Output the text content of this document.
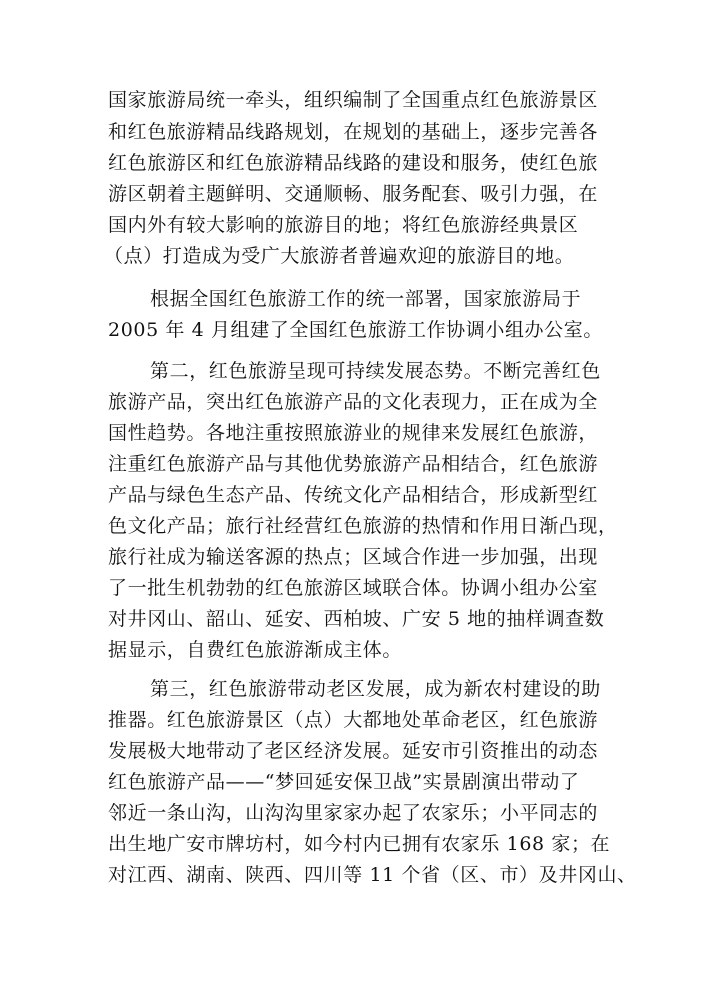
国家旅游局统一牵头，组织编制了全国重点红色旅游景区
和红色旅游精品线路规划，在规划的基础上，逐步完善各
红色旅游区和红色旅游精品线路的建设和服务，使红色旅
游区朝着主题鲜明、交通顺畅、服务配套、吸引力强，在
国内外有较大影响的旅游目的地；将红色旅游经典景区
（点）打造成为受广大旅游者普遍欢迎的旅游目的地。
根据全国红色旅游工作的统一部署，国家旅游局于
2005 年 4 月组建了全国红色旅游工作协调小组办公室。
第二，红色旅游呈现可持续发展态势。不断完善红色
旅游产品，突出红色旅游产品的文化表现力，正在成为全
国性趋势。各地注重按照旅游业的规律来发展红色旅游，
注重红色旅游产品与其他优势旅游产品相结合，红色旅游
产品与绿色生态产品、传统文化产品相结合，形成新型红
色文化产品；旅行社经营红色旅游的热情和作用日渐凸现，
旅行社成为输送客源的热点；区域合作进一步加强，出现
了一批生机勃勃的红色旅游区域联合体。协调小组办公室
对井冈山、韶山、延安、西柏坡、广安 5 地的抽样调查数
据显示，自费红色旅游渐成主体。
第三，红色旅游带动老区发展，成为新农村建设的助
推器。红色旅游景区（点）大都地处革命老区，红色旅游
发展极大地带动了老区经济发展。延安市引资推出的动态
红色旅游产品——“梦回延安保卫战”实景剧演出带动了
邻近一条山沟，山沟沟里家家办起了农家乐；小平同志的
出生地广安市牌坊村，如今村内已拥有农家乐 168 家；在
对江西、湖南、陕西、四川等 11 个省（区、市）及井冈山、
